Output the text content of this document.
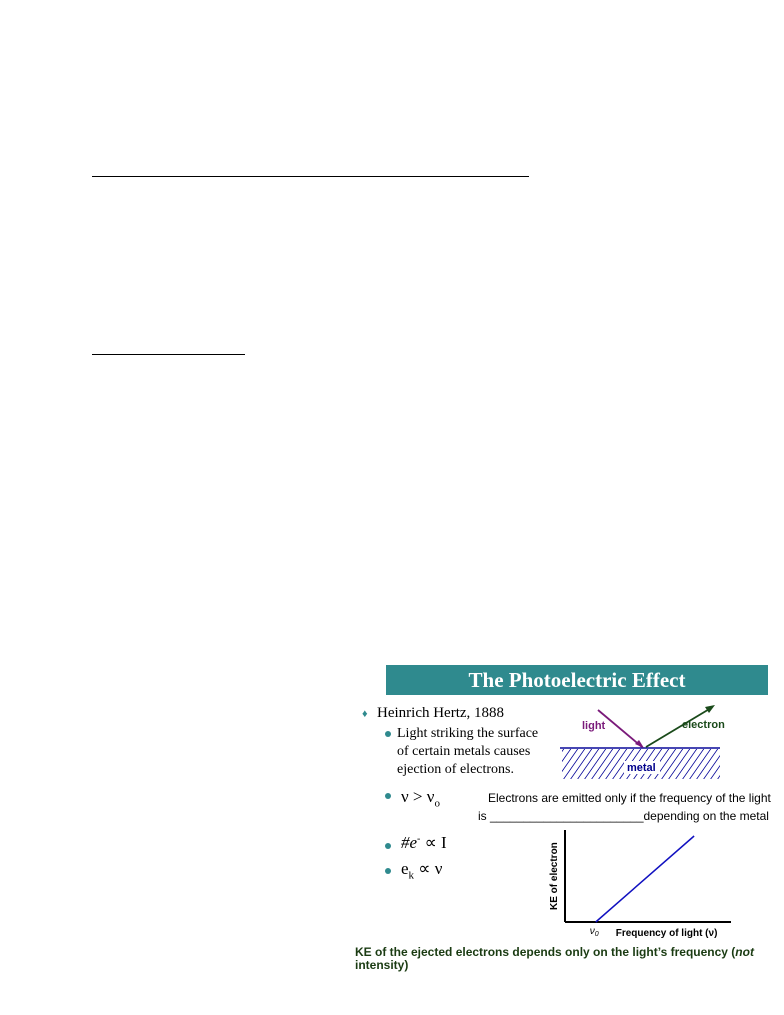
The Photoelectric Effect
♦ Heinrich Hertz, 1888
Light striking the surface
of certain metals causes
ejection of electrons.
$\nu > \nu_o$	Electrons are emitted only if the frequency of the light
is _______________________depending on the metal
#e- ∝ I
$e_k \propto \nu$
light	electron
metal
$\nu_0$ Frequency of light (ν)
KE of electron
KE of the ejected electrons depends only on the light’s frequency (not intensity)
